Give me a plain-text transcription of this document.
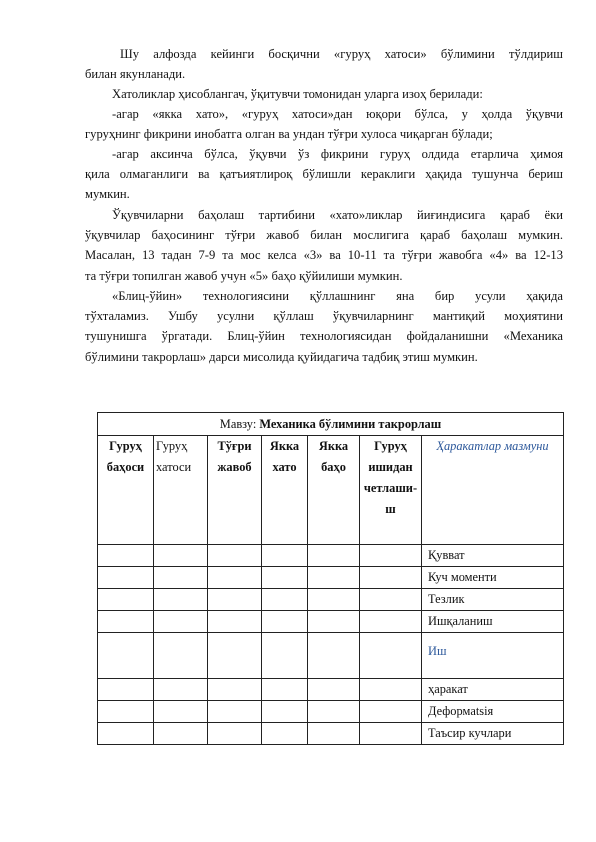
Шу алфозда кейинги босқични «гуруҳ хатоси» бўлимини тўлдириш
билан якунланади.
Хатоликлар ҳисоблангач, ўқитувчи томонидан уларга изоҳ берилади:
-агар «якка хато», «гуруҳ хатоси»дан юқори бўлса, у ҳолда ўқувчи
гуруҳнинг фикрини инобатга олган ва ундан тўғри хулоса чиқарган бўлади;
-агар аксинча бўлса, ўқувчи ўз фикрини гуруҳ олдида етарлича ҳимоя
қила олмаганлиги ва қатъиятлироқ бўлишли кераклиги ҳақида тушунча бериш
мумкин.
Ўқувчиларни баҳолаш тартибини «хато»ликлар йиғиндисига қараб ёки
ўқувчилар баҳосининг тўғри жавоб билан мослигига қараб баҳолаш мумкин.
Масалан, 13 тадан 7-9 та мос келса «3» ва 10-11 та тўғри жавобга «4» ва 12-13
та тўғри топилган жавоб учун «5» баҳо қўйилиши мумкин.
«Блиц-ўйин» технологиясини қўллашнинг яна бир усули ҳақида
тўхталамиз. Ушбу усулни қўллаш ўқувчиларнинг мантиқий моҳиятини
тушунишга ўргатади. Блиц-ўйин технологиясидан фойдаланишни «Механика
бўлимини такрорлаш» дарси мисолида қуйидагича тадбиқ этиш мумкин.
Мавзу: Механика бўлимини такрорлаш						
Гуруҳ баҳоси	Гуруҳ хатоси	Тўғри жавоб	Якка хато	Якка баҳо	Гуруҳ ишидан четлашиш	Ҳаракатлар мазмуни
						Қувват
						Куч моменти
						Тезлик
						Ишқаланиш
						Иш
						ҳаракат
						Деформatsiя
						Таъсир кучлари
